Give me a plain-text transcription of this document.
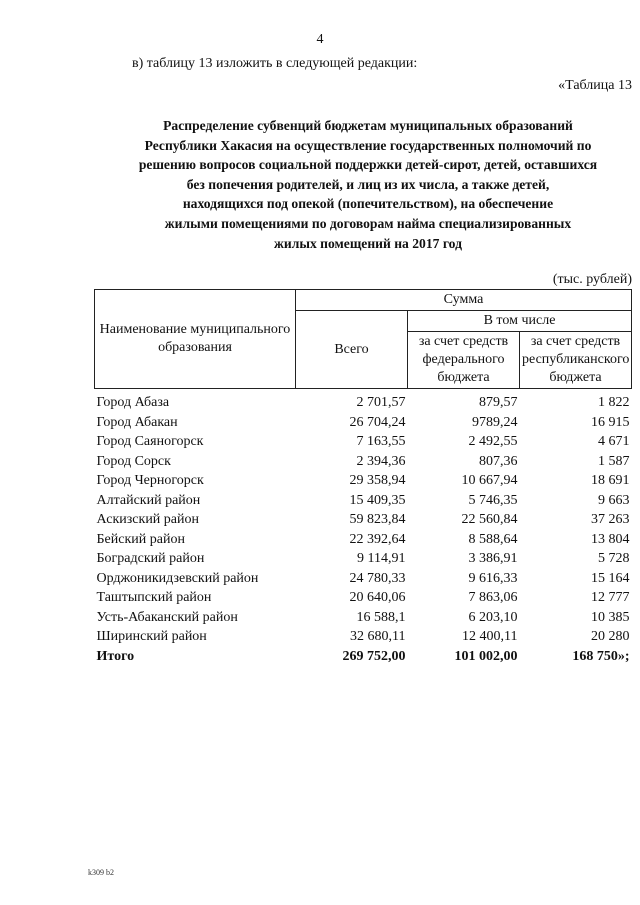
4
в) таблицу 13 изложить в следующей редакции:
«Таблица 13
Распределение субвенций бюджетам муниципальных образований
Республики Хакасия на осуществление государственных полномочий по
решению вопросов социальной поддержки детей-сирот, детей, оставшихся
без попечения родителей, и лиц из их числа, а также детей,
находящихся под опекой (попечительством), на обеспечение
жилыми помещениями по договорам найма специализированных
жилых помещений на 2017 год
(тыс. рублей)
Наименование муниципального образования	Сумма		
	Всего	В том числе	
		за счет средств федерального бюджета	за счет средств республиканского бюджета
Город Абаза	2 701,57	879,57	1 822
Город Абакан	26 704,24	9789,24	16 915
Город Саяногорск	7 163,55	2 492,55	4 671
Город Сорск	2 394,36	807,36	1 587
Город Черногорск	29 358,94	10 667,94	18 691
Алтайский район	15 409,35	5 746,35	9 663
Аскизский район	59 823,84	22 560,84	37 263
Бейский район	22 392,64	8 588,64	13 804
Боградский район	9 114,91	3 386,91	5 728
Орджоникидзевский район	24 780,33	9 616,33	15 164
Таштыпский район	20 640,06	7 863,06	12 777
Усть-Абаканский район	16 588,1	6 203,10	10 385
Ширинский район	32 680,11	12 400,11	20 280
Итого	269 752,00	101 002,00	168 750»;
k309 b2
